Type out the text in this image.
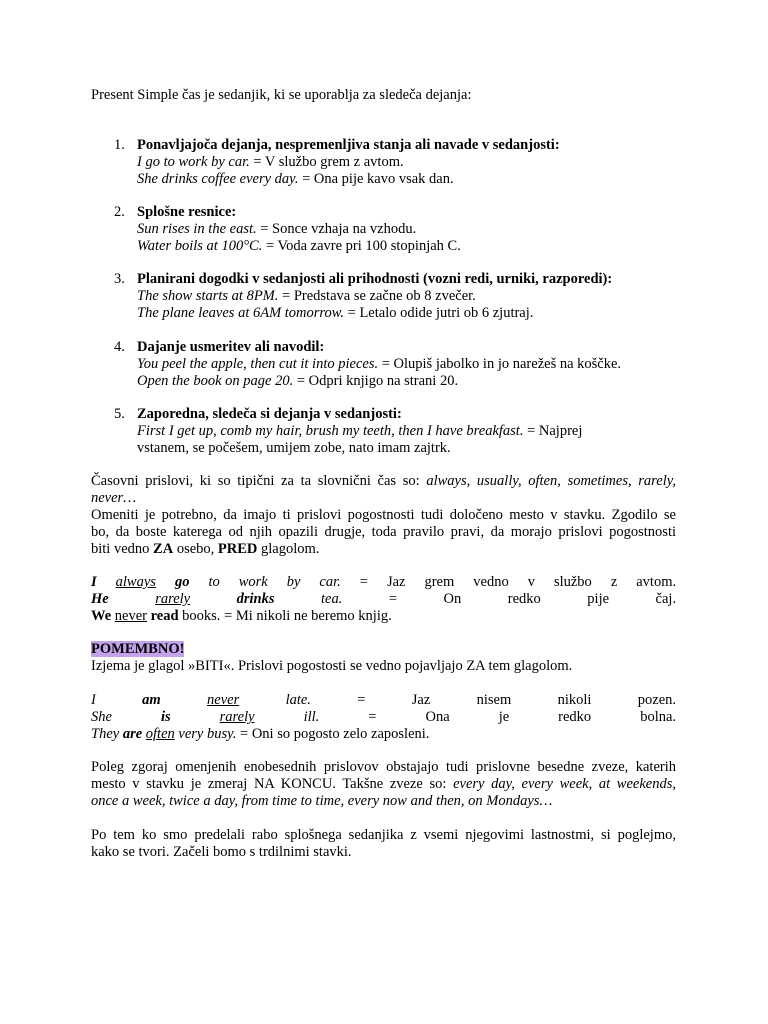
Present Simple čas je sedanjik, ki se uporablja za sledeča dejanja:

1. Ponavljajoča dejanja, nespremenljiva stanja ali navade v sedanjosti:
I go to work by car. = V službo grem z avtom.
She drinks coffee every day. = Ona pije kavo vsak dan.
2. Splošne resnice:
Sun rises in the east. = Sonce vzhaja na vzhodu.
Water boils at 100°C. = Voda zavre pri 100 stopinjah C.
3. Planirani dogodki v sedanjosti ali prihodnosti (vozni redi, urniki, razporedi):
The show starts at 8PM. = Predstava se začne ob 8 zvečer.
The plane leaves at 6AM tomorrow. = Letalo odide jutri ob 6 zjutraj.
4. Dajanje usmeritev ali navodil:
You peel the apple, then cut it into pieces. = Olupiš jabolko in jo narežeš na koščke.
Open the book on page 20. = Odpri knjigo na strani 20.
5. Zaporedna, sledeča si dejanja v sedanjosti:
First I get up, comb my hair, brush my teeth, then I have breakfast. = Najprej
vstanem, se počešem, umijem zobe, nato imam zajtrk.
Časovni prislovi, ki so tipični za ta slovnični čas so: always, usually, often, sometimes, rarely,
never…
Omeniti je potrebno, da imajo ti prislovi pogostnosti tudi določeno mesto v stavku. Zgodilo se
bo, da boste katerega od njih opazili drugje, toda pravilo pravi, da morajo prislovi pogostnosti
biti vedno ZA osebo, PRED glagolom.
I always go to work by car. = Jaz grem vedno v službo z avtom.
He	rarely	drinks	tea.	=	On	redko	pije	čaj.
We never read books. = Mi nikoli ne beremo knjig.
POMEMBNO!
Izjema je glagol »BITI«. Prislovi pogostosti se vedno pojavljajo ZA tem glagolom.
I	am	never	late.	=	Jaz	nisem	nikoli	pozen.
She	is	rarely	ill.	=	Ona	je	redko	bolna.
They are often very busy. = Oni so pogosto zelo zaposleni.
Poleg zgoraj omenjenih enobesednih prislovov obstajajo tudi prislovne besedne zveze, katerih
mesto v stavku je zmeraj NA KONCU. Takšne zveze so: every day, every week, at weekends,
once a week, twice a day, from time to time, every now and then, on Mondays…
Po tem ko smo predelali rabo splošnega sedanjika z vsemi njegovimi lastnostmi, si poglejmo,
kako se tvori. Začeli bomo s trdilnimi stavki.
